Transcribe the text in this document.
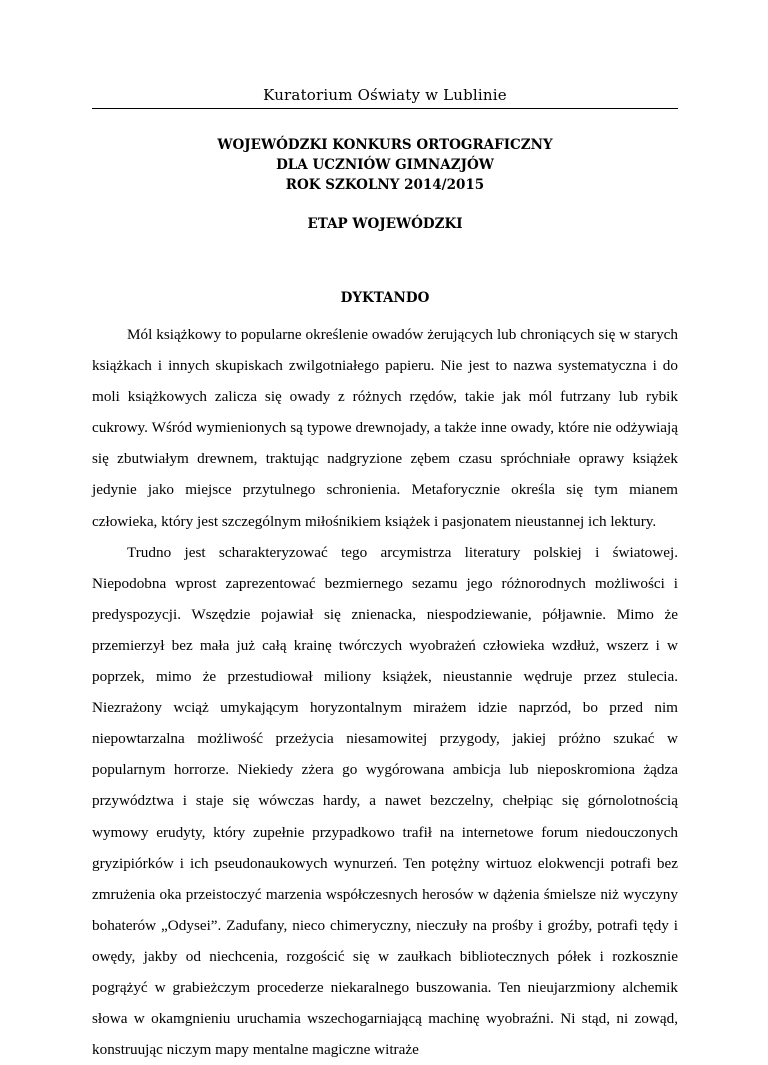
Kuratorium Oświaty w Lublinie
WOJEWÓDZKI KONKURS ORTOGRAFICZNY
DLA UCZNIÓW GIMNAZJÓW
ROK SZKOLNY 2014/2015
ETAP WOJEWÓDZKI
DYKTANDO

Mól książkowy to popularne określenie owadów żerujących lub chroniących się w starych książkach i innych skupiskach zwilgotniałego papieru. Nie jest to nazwa systematyczna i do moli książkowych zalicza się owady z różnych rzędów, takie jak mól futrzany lub rybik cukrowy. Wśród wymienionych są typowe drewnojady, a także inne owady, które nie odżywiają się zbutwiałym drewnem, traktując nadgryzione zębem czasu spróchniałe oprawy książek jedynie jako miejsce przytulnego schronienia. Metaforycznie określa się tym mianem człowieka, który jest szczególnym miłośnikiem książek i pasjonatem nieustannej ich lektury.

Trudno jest scharakteryzować tego arcymistrza literatury polskiej i światowej. Niepodobna wprost zaprezentować bezmiernego sezamu jego różnorodnych możliwości i predyspozycji. Wszędzie pojawiał się znienacka, niespodziewanie, półjawnie. Mimo że przemierzył bez mała już całą krainę twórczych wyobrażeń człowieka wzdłuż, wszerz i w poprzek, mimo że przestudiował miliony książek, nieustannie wędruje przez stulecia. Niezrażony wciąż umykającym horyzontalnym mirażem idzie naprzód, bo przed nim niepowtarzalna możliwość przeżycia niesamowitej przygody, jakiej próżno szukać w popularnym horrorze. Niekiedy zżera go wygórowana ambicja lub nieposkromiona żądza przywództwa i staje się wówczas hardy, a nawet bezczelny, chełpiąc się górnolotnością wymowy erudyty, który zupełnie przypadkowo trafił na internetowe forum niedouczonych gryzipiórków i ich pseudonaukowych wynurzeń. Ten potężny wirtuoz elokwencji potrafi bez zmrużenia oka przeistoczyć marzenia współczesnych herosów w dążenia śmielsze niż wyczyny bohaterów „Odysei”. Zadufany, nieco chimeryczny, nieczuły na prośby i groźby, potrafi tędy i owędy, jakby od niechcenia, rozgościć się w zaułkach bibliotecznych półek i rozkosznie pogrążyć w grabieżczym procederze niekaralnego buszowania. Ten nieujarzmiony alchemik słowa w okamgnieniu uruchamia wszechogarniającą machinę wyobraźni. Ni stąd, ni zowąd, konstruując niczym mapy mentalne magiczne witraże
